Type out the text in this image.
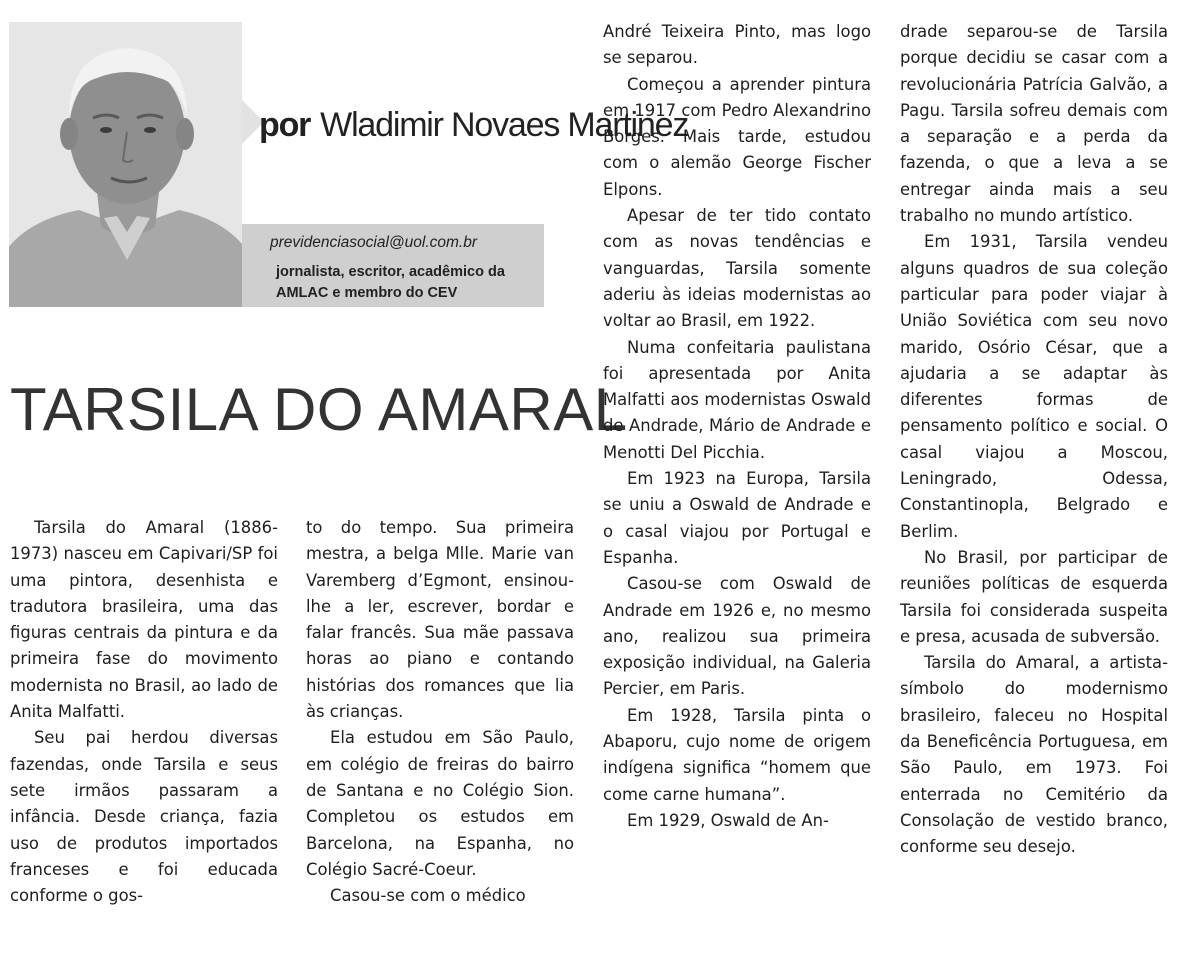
por Wladimir Novaes Martinez
previdenciasocial@uol.com.br
jornalista, escritor, acadêmico da AMLAC e membro do CEV
TARSILA DO AMARAL

Tarsila do Amaral (1886-1973) nasceu em Capivari/SP foi uma pintora, desenhista e tradutora brasileira, uma das figuras centrais da pintura e da primeira fase do movimento modernista no Brasil, ao lado de Anita Malfatti.

Seu pai herdou diversas fazendas, onde Tarsila e seus sete irmãos passaram a infância. Desde criança, fazia uso de produtos importados franceses e foi educada conforme o gos-

to do tempo. Sua primeira mestra, a belga Mlle. Marie van Varemberg d’Egmont, ensinou-lhe a ler, escrever, bordar e falar francês. Sua mãe passava horas ao piano e contando histórias dos romances que lia às crianças.

Ela estudou em São Paulo, em colégio de freiras do bairro de Santana e no Colégio Sion. Completou os estudos em Barcelona, na Espanha, no Colégio Sacré-Coeur.

Casou-se com o médico

André Teixeira Pinto, mas logo se separou.

Começou a aprender pintura em 1917 com Pedro Alexandrino Borges. Mais tarde, estudou com o alemão George Fischer Elpons.

Apesar de ter tido contato com as novas tendências e vanguardas, Tarsila somente aderiu às ideias modernistas ao voltar ao Brasil, em 1922.

Numa confeitaria paulistana foi apresentada por Anita Malfatti aos modernistas Oswald de Andrade, Mário de Andrade e Menotti Del Picchia.

Em 1923 na Europa, Tarsila se uniu a Oswald de Andrade e o casal viajou por Portugal e Espanha.

Casou-se com Oswald de Andrade em 1926 e, no mesmo ano, realizou sua primeira exposição individual, na Galeria Percier, em Paris.

Em 1928, Tarsila pinta o Abaporu, cujo nome de origem indígena significa “homem que come carne humana”.

Em 1929, Oswald de An-

drade separou-se de Tarsila porque decidiu se casar com a revolucionária Patrícia Galvão, a Pagu. Tarsila sofreu demais com a separação e a perda da fazenda, o que a leva a se entregar ainda mais a seu trabalho no mundo artístico.

Em 1931, Tarsila vendeu alguns quadros de sua coleção particular para poder viajar à União Soviética com seu novo marido, Osório César, que a ajudaria a se adaptar às diferentes formas de pensamento político e social. O casal viajou a Moscou, Leningrado, Odessa, Constantinopla, Belgrado e Berlim.

No Brasil, por participar de reuniões políticas de esquerda Tarsila foi considerada suspeita e presa, acusada de subversão.

Tarsila do Amaral, a artista-símbolo do modernismo brasileiro, faleceu no Hospital da Beneficência Portuguesa, em São Paulo, em 1973. Foi enterrada no Cemitério da Consolação de vestido branco, conforme seu desejo.
